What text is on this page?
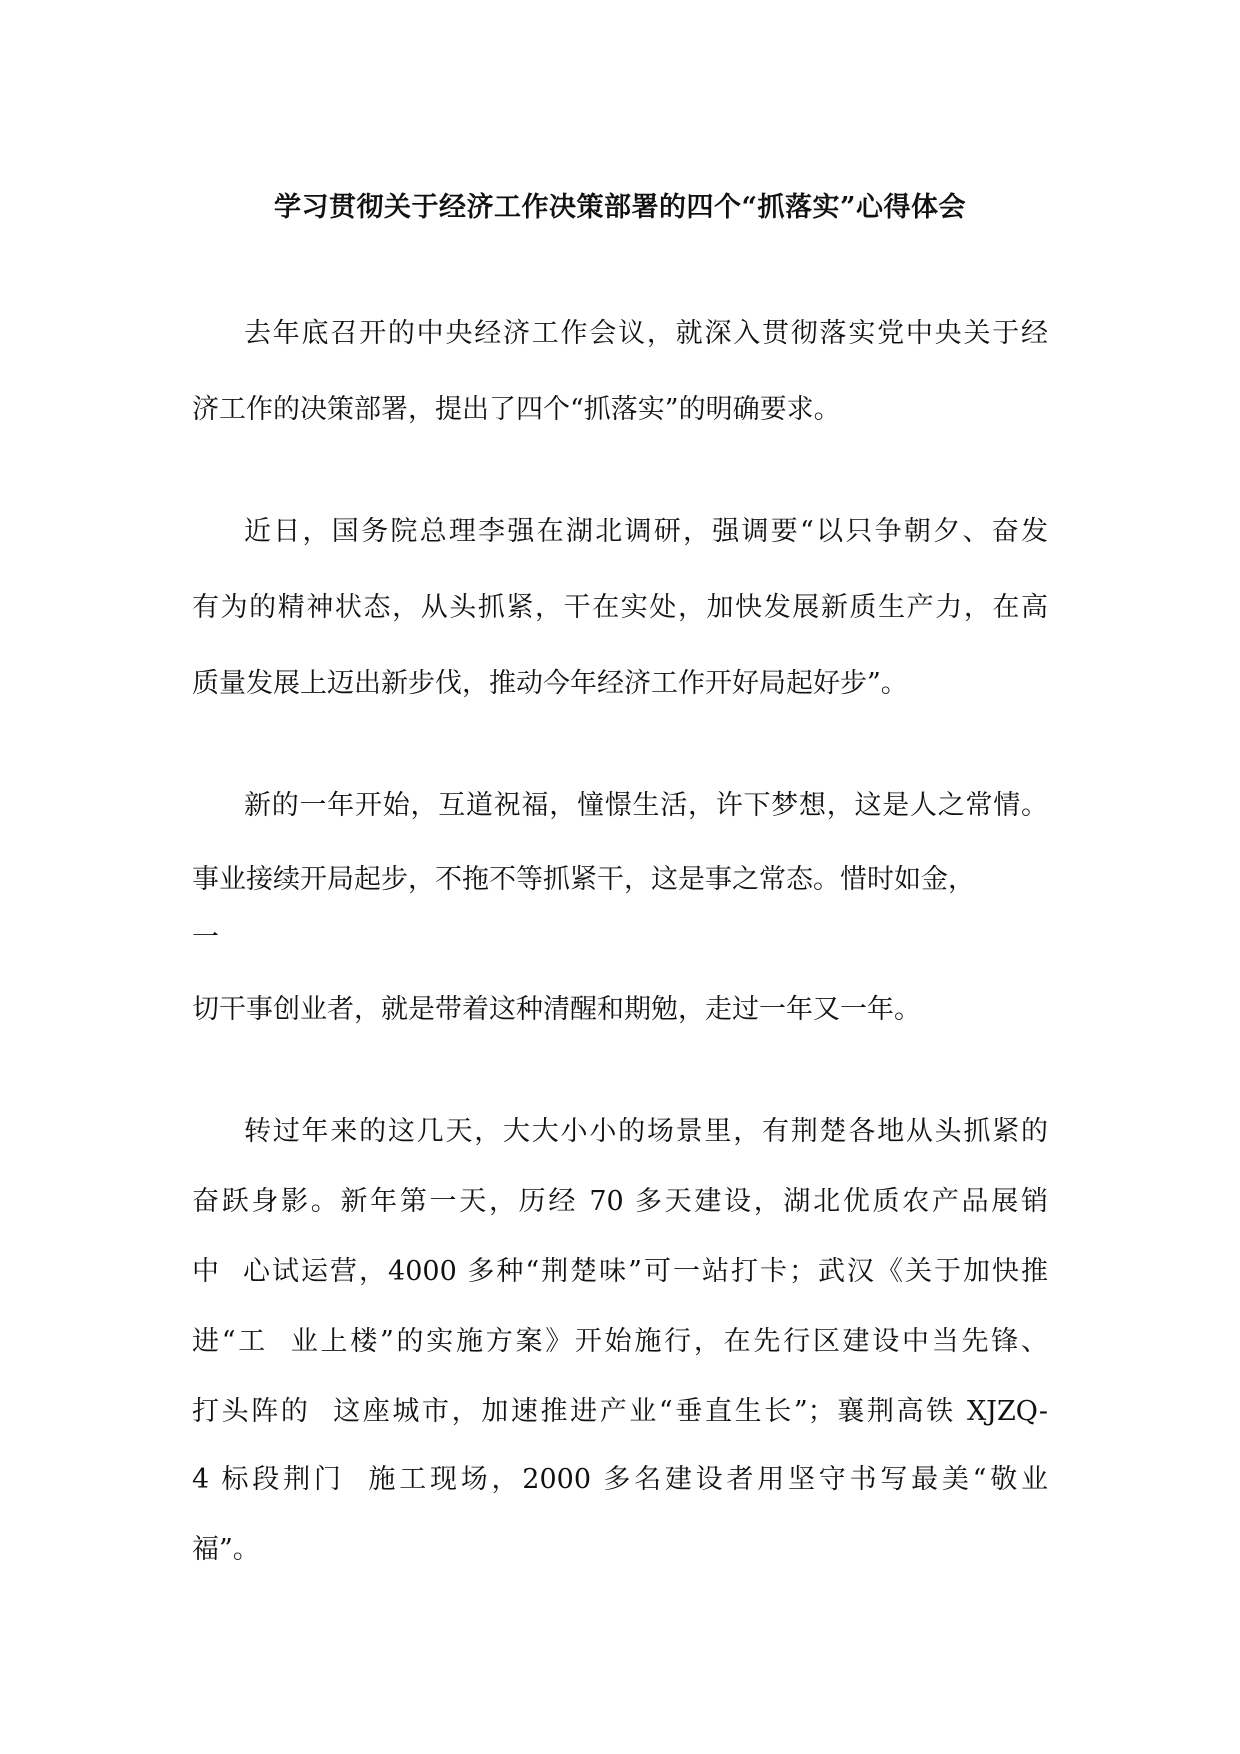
学习贯彻关于经济工作决策部署的四个“抓落实”心得体会

去年底召开的中央经济工作会议，就深入贯彻落实党中央关于经

济工作的决策部署，提出了四个“抓落实”的明确要求。

近日，国务院总理李强在湖北调研，强调要“以只争朝夕、奋发

有为的精神状态，从头抓紧，干在实处，加快发展新质生产力，在高

质量发展上迈出新步伐，推动今年经济工作开好局起好步”。

新的一年开始，互道祝福，憧憬生活，许下梦想，这是人之常情。

事业接续开局起步，不拖不等抓紧干，这是事之常态。惜时如金，

一

切干事创业者，就是带着这种清醒和期勉，走过一年又一年。

转过年来的这几天，大大小小的场景里，有荆楚各地从头抓紧的

奋跃身影。新年第一天，历经 70 多天建设，湖北优质农产品展销

中 心试运营，4000 多种“荆楚味”可一站打卡；武汉《关于加快推

进“工 业上楼”的实施方案》开始施行，在先行区建设中当先锋、

打头阵的 这座城市，加速推进产业“垂直生长”；襄荆高铁 XJZQ-

4 标段荆门 施工现场，2000 多名建设者用坚守书写最美“敬业

福”。
